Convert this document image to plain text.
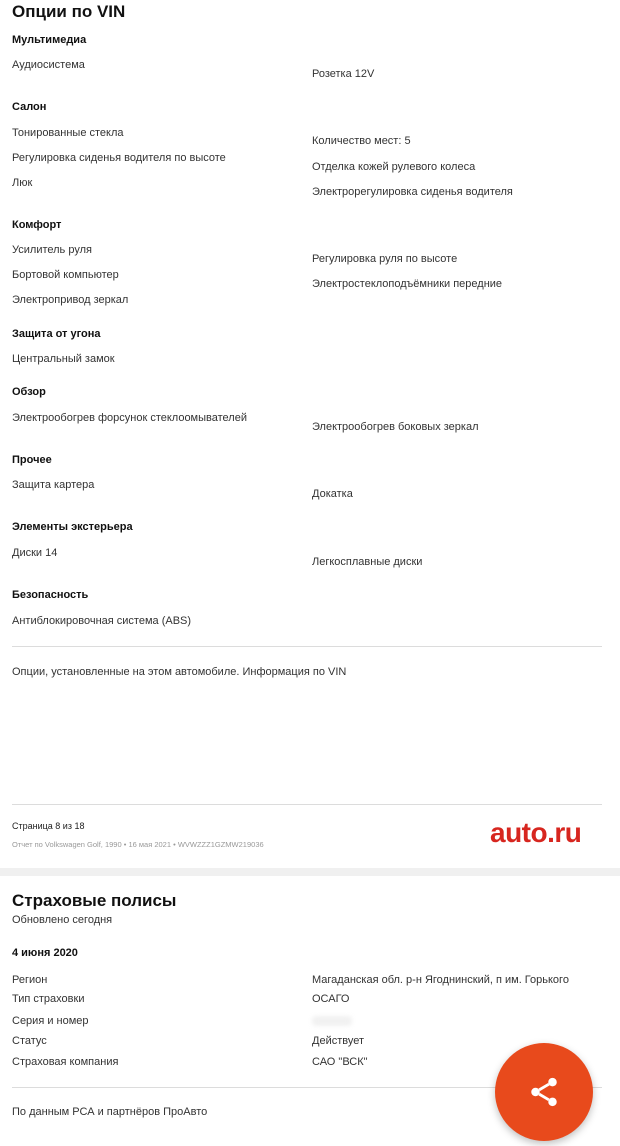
Опции по VIN
Мультимедиа
Аудиосистема
Розетка 12V
Салон
Тонированные стекла
Регулировка сиденья водителя по высоте
Люк
Количество мест: 5
Отделка кожей рулевого колеса
Электрорегулировка сиденья водителя
Комфорт
Усилитель руля
Бортовой компьютер
Электропривод зеркал
Регулировка руля по высоте
Электростеклоподъёмники передние
Защита от угона
Центральный замок
Обзор
Электрообогрев форсунок стеклоомывателей
Электрообогрев боковых зеркал
Прочее
Защита картера
Докатка
Элементы экстерьера
Диски 14
Легкосплавные диски
Безопасность
Антиблокировочная система (ABS)
Опции, установленные на этом автомобиле. Информация по VIN
Страница 8 из 18
Отчет по Volkswagen Golf, 1990 • 16 мая 2021 • WVWZZZ1GZMW219036	auto.ru
Страховые полисы
Обновлено сегодня
4 июня 2020
Регион	Магаданская обл. р-н Ягоднинский, п им. Горького
Тип страховки	ОСАГО
Серия и номер
Статус	Действует
Страховая компания	САО "ВСК"
По данным РСА и партнёров ПроАвто
